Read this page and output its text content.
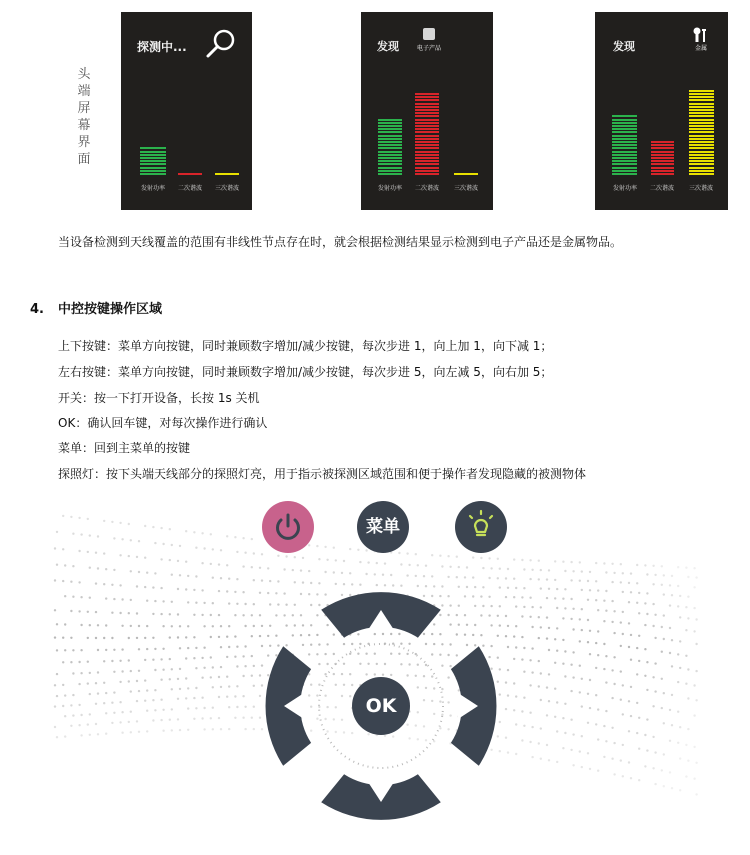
头
端
屏
幕
界
面
探测中...
发射功率	二次谐波	三次谐波
发现	电子产品
发射功率	二次谐波	三次谐波
发现	金属
发射功率	二次谐波	三次谐波
当设备检测到天线覆盖的范围有非线性节点存在时，就会根据检测结果显示检测到电子产品还是金属物品。
4. 中控按键操作区域
上下按键：菜单方向按键，同时兼顾数字增加/减少按键，每次步进 1，向上加 1，向下减 1；
左右按键：菜单方向按键，同时兼顾数字增加/减少按键，每次步进 5，向左减 5，向右加 5；
开关：按一下打开设备，长按 1s 关机
OK：确认回车键，对每次操作进行确认
菜单：回到主菜单的按键
探照灯：按下头端天线部分的探照灯亮，用于指示被探测区域范围和便于操作者发现隐藏的被测物体
OK
菜单
